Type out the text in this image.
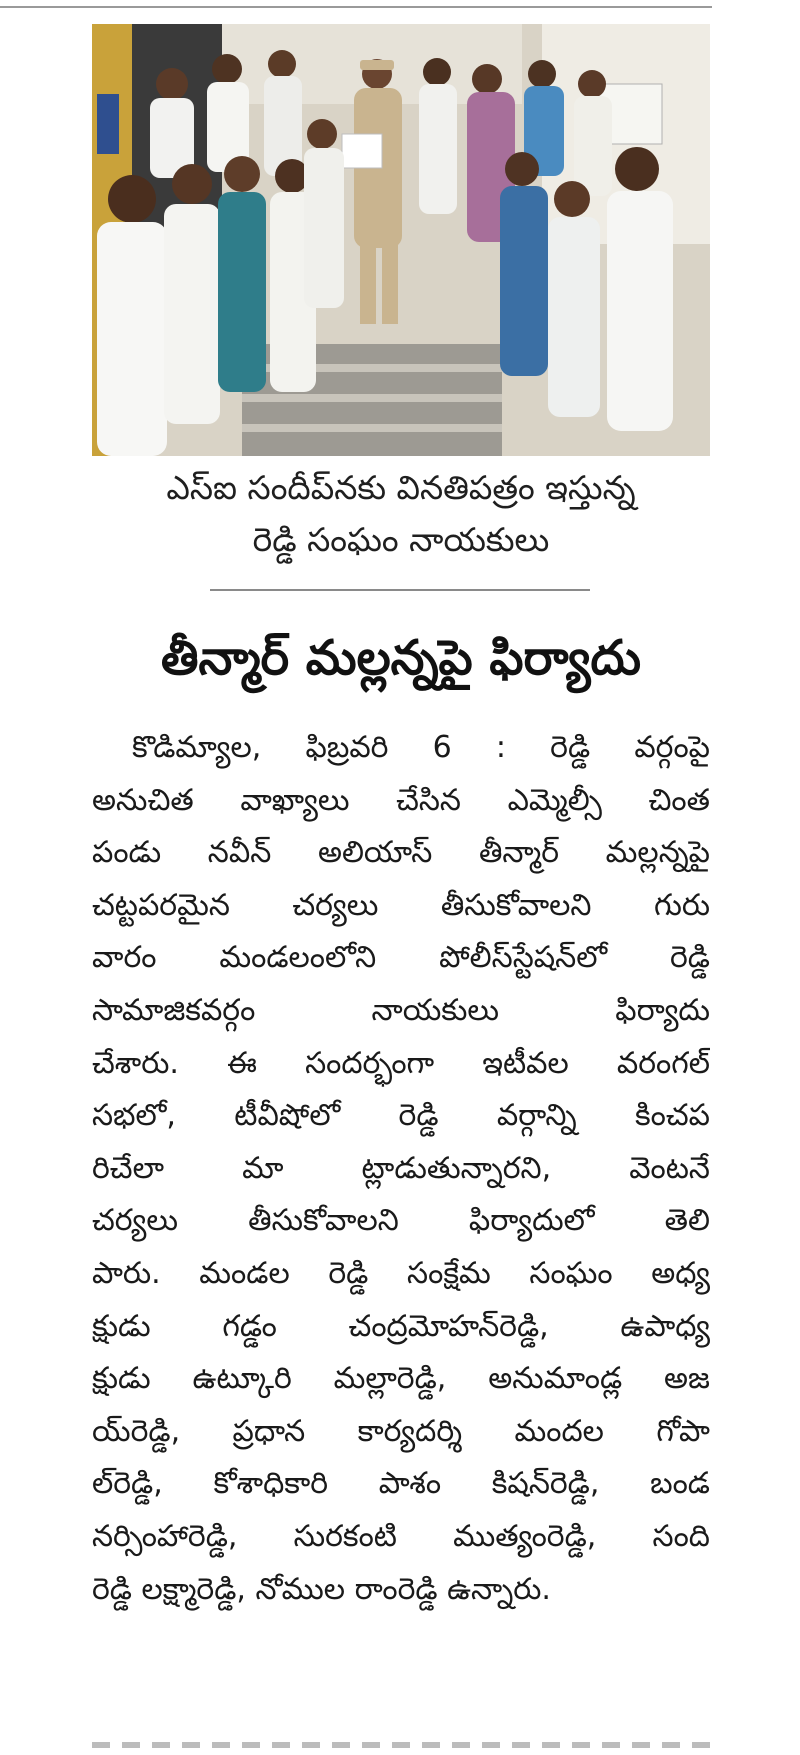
ఎస్ఐ సందీప్‌నకు వినతిపత్రం ఇస్తున్న
రెడ్డి సంఘం నాయకులు
తీన్మార్ మల్లన్నపై ఫిర్యాదు
కొడిమ్యాల, ఫిబ్రవరి 6 : రెడ్డి వర్గంపై
అనుచిత వాఖ్యాలు చేసిన ఎమ్మెల్సీ చింత
పండు నవీన్ అలియాస్ తీన్మార్ మల్లన్నపై
చట్టపరమైన చర్యలు తీసుకోవాలని గురు
వారం మండలంలోని పోలీస్‌స్టేషన్‌లో రెడ్డి
సామాజికవర్గం నాయకులు ఫిర్యాదు
చేశారు. ఈ సందర్భంగా ఇటీవల వరంగల్
సభలో, టీవీషోలో రెడ్డి వర్గాన్ని కించప
రిచేలా మా ట్లాడుతున్నారని, వెంటనే
చర్యలు తీసుకోవాలని ఫిర్యాదులో తెలి
పారు. మండల రెడ్డి సంక్షేమ సంఘం అధ్య
క్షుడు గడ్డం చంద్రమోహన్‌రెడ్డి, ఉపాధ్య
క్షుడు ఉట్కూరి మల్లారెడ్డి, అనుమాండ్ల అజ
య్‌రెడ్డి, ప్రధాన కార్యదర్శి మందల గోపా
ల్‌రెడ్డి, కోశాధికారి పాశం కిషన్‌రెడ్డి, బండ
నర్సింహారెడ్డి, సురకంటి ముత్యంరెడ్డి, సంది
రెడ్డి లక్ష్మారెడ్డి, నోముల రాంరెడ్డి ఉన్నారు.
